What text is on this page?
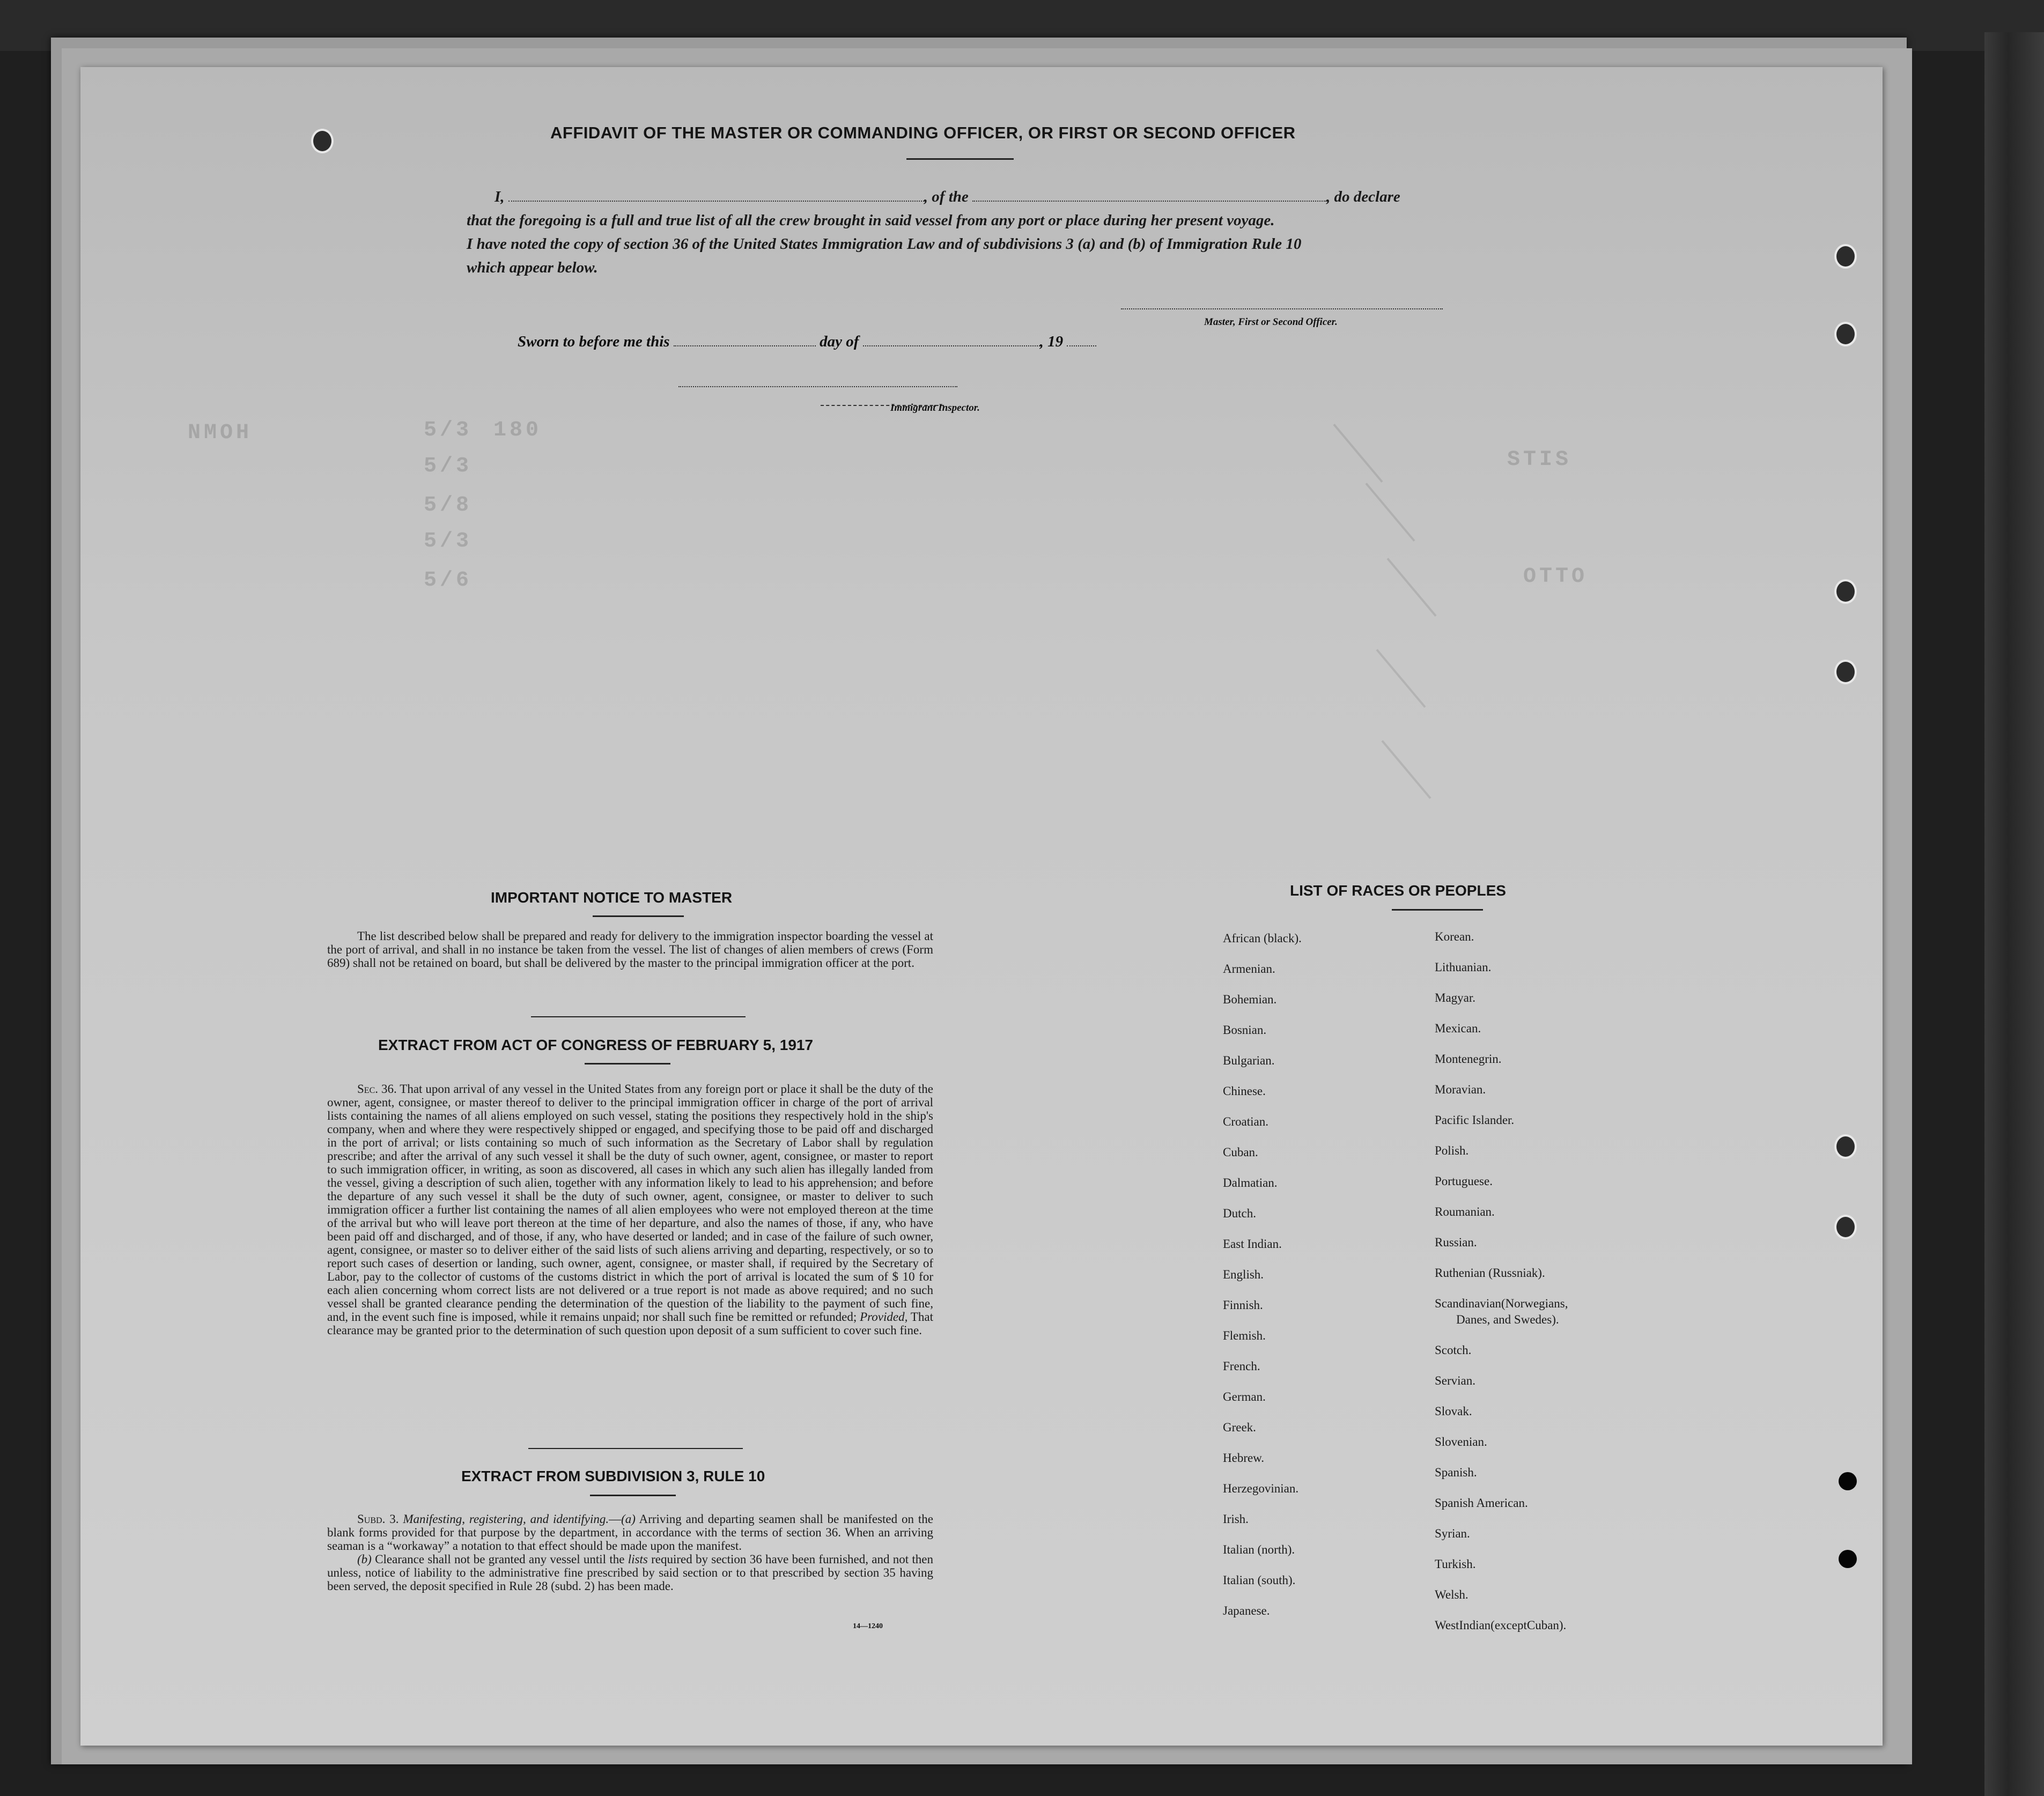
NMOH	5/3 180
5/3
5/8
5/3
5/6
STIS
OTTO
AFFIDAVIT OF THE MASTER OR COMMANDING OFFICER, OR FIRST OR SECOND OFFICER
I,	, of the	, do declare
that the foregoing is a full and true list of all the crew brought in said vessel from any port or place during her present voyage.
I have noted the copy of section 36 of the United States Immigration Law and of subdivisions 3 (a) and (b) of Immigration Rule 10
which appear below.
Master, First or Second Officer.
Sworn to before me this	day of	, 19
Immigrant Inspector.
IMPORTANT NOTICE TO MASTER
The list described below shall be prepared and ready for delivery to the immigration inspector boarding the vessel at the port of arrival, and shall in no instance be taken from the vessel. The list of changes of alien members of crews (Form 689) shall not be retained on board, but shall be delivered by the master to the principal immigration officer at the port.
EXTRACT FROM ACT OF CONGRESS OF FEBRUARY 5, 1917
Sec. 36. That upon arrival of any vessel in the United States from any foreign port or place it shall be the duty of the owner, agent, consignee, or master thereof to deliver to the principal immigration officer in charge of the port of arrival lists containing the names of all aliens employed on such vessel, stating the positions they respectively hold in the ship's company, when and where they were respectively shipped or engaged, and specifying those to be paid off and discharged in the port of arrival; or lists containing so much of such information as the Secretary of Labor shall by regulation prescribe; and after the arrival of any such vessel it shall be the duty of such owner, agent, consignee, or master to report to such immigration officer, in writing, as soon as discovered, all cases in which any such alien has illegally landed from the vessel, giving a description of such alien, together with any information likely to lead to his apprehension; and before the departure of any such vessel it shall be the duty of such owner, agent, consignee, or master to deliver to such immigration officer a further list containing the names of all alien employees who were not employed thereon at the time of the arrival but who will leave port thereon at the time of her departure, and also the names of those, if any, who have been paid off and discharged, and of those, if any, who have deserted or landed; and in case of the failure of such owner, agent, consignee, or master so to deliver either of the said lists of such aliens arriving and departing, respectively, or so to report such cases of desertion or landing, such owner, agent, consignee, or master shall, if required by the Secretary of Labor, pay to the collector of customs of the customs district in which the port of arrival is located the sum of $ 10 for each alien concerning whom correct lists are not delivered or a true report is not made as above required; and no such vessel shall be granted clearance pending the determination of the question of the liability to the payment of such fine, and, in the event such fine is imposed, while it remains unpaid; nor shall such fine be remitted or refunded; Provided, That clearance may be granted prior to the determination of such question upon deposit of a sum sufficient to cover such fine.
EXTRACT FROM SUBDIVISION 3, RULE 10
Subd. 3. Manifesting, registering, and identifying.—(a) Arriving and departing seamen shall be manifested on the blank forms provided for that purpose by the department, in accordance with the terms of section 36. When an arriving seaman is a “workaway” a notation to that effect should be made upon the manifest.
(b) Clearance shall not be granted any vessel until the lists required by section 36 have been furnished, and not then unless, notice of liability to the administrative fine prescribed by said section or to that prescribed by section 35 having been served, the deposit specified in Rule 28 (subd. 2) has been made.
14—1240
LIST OF RACES OR PEOPLES
African (black).
Armenian.
Bohemian.
Bosnian.
Bulgarian.
Chinese.
Croatian.
Cuban.
Dalmatian.
Dutch.
East Indian.
English.
Finnish.
Flemish.
French.
German.
Greek.
Hebrew.
Herzegovinian.
Irish.
Italian (north).
Italian (south).
Japanese.
Korean.
Lithuanian.
Magyar.
Mexican.
Montenegrin.
Moravian.
Pacific Islander.
Polish.
Portuguese.
Roumanian.
Russian.
Ruthenian (Russniak).
Scandinavian(Norwegians,
Danes, and Swedes).
Scotch.
Servian.
Slovak.
Slovenian.
Spanish.
Spanish American.
Syrian.
Turkish.
Welsh.
WestIndian(exceptCuban).
